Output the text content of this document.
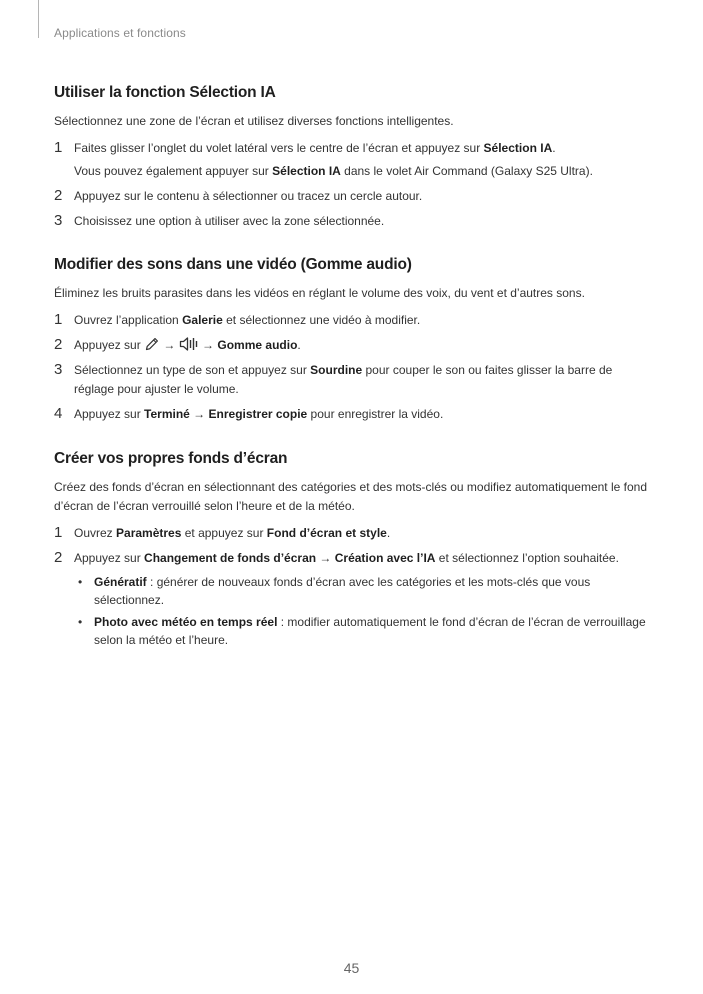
Applications et fonctions
Utiliser la fonction Sélection IA

Sélectionnez une zone de l’écran et utilisez diverses fonctions intelligentes.

1 Faites glisser l’onglet du volet latéral vers le centre de l’écran et appuyez sur Sélection IA.
Vous pouvez également appuyer sur Sélection IA dans le volet Air Command (Galaxy S25 Ultra).
2 Appuyez sur le contenu à sélectionner ou tracez un cercle autour.
3 Choisissez une option à utiliser avec la zone sélectionnée.
Modifier des sons dans une vidéo (Gomme audio)

Éliminez les bruits parasites dans les vidéos en réglant le volume des voix, du vent et d’autres sons.

1 Ouvrez l’application Galerie et sélectionnez une vidéo à modifier.
2 Appuyez sur  →  → Gomme audio.
3 Sélectionnez un type de son et appuyez sur Sourdine pour couper le son ou faites glisser la barre de réglage pour ajuster le volume.
4 Appuyez sur Terminé → Enregistrer copie pour enregistrer la vidéo.
Créer vos propres fonds d’écran

Créez des fonds d’écran en sélectionnant des catégories et des mots-clés ou modifiez automatiquement le fond d’écran de l’écran verrouillé selon l’heure et de la météo.

1 Ouvrez Paramètres et appuyez sur Fond d’écran et style.
2 Appuyez sur Changement de fonds d’écran → Création avec l’IA et sélectionnez l’option souhaitée.
• Génératif : générer de nouveaux fonds d’écran avec les catégories et les mots-clés que vous sélectionnez.
• Photo avec météo en temps réel : modifier automatiquement le fond d’écran de l’écran de verrouillage selon la météo et l’heure.
45
